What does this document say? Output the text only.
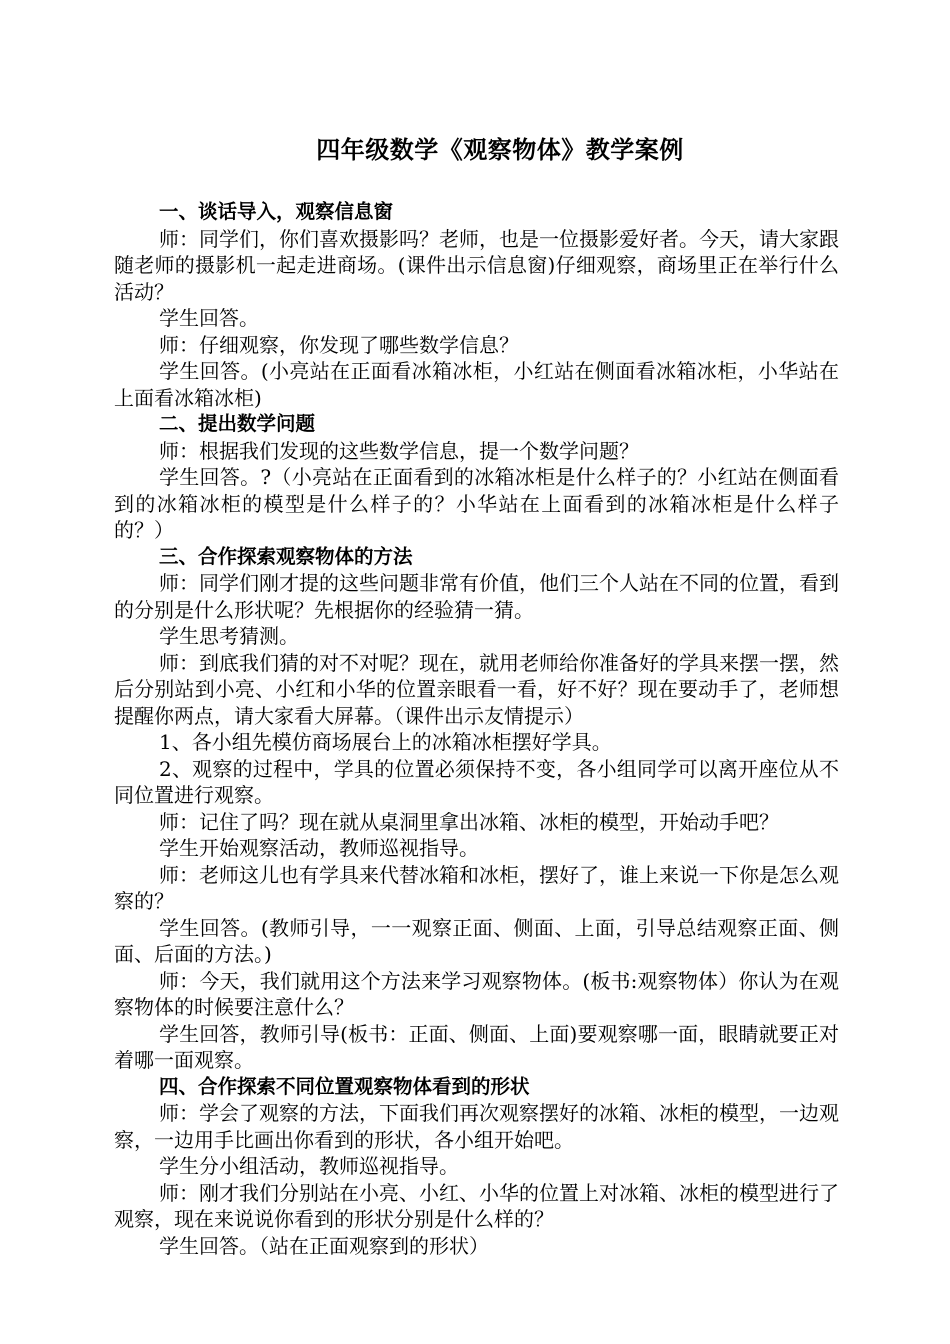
四年级数学《观察物体》教学案例

一、谈话导入，观察信息窗

师：同学们，你们喜欢摄影吗？老师，也是一位摄影爱好者。今天，请大家跟随老师的摄影机一起走进商场。(课件出示信息窗)仔细观察，商场里正在举行什么活动？

学生回答。

师：仔细观察，你发现了哪些数学信息？

学生回答。(小亮站在正面看冰箱冰柜，小红站在侧面看冰箱冰柜，小华站在上面看冰箱冰柜)

二、提出数学问题

师：根据我们发现的这些数学信息，提一个数学问题？

学生回答。?（小亮站在正面看到的冰箱冰柜是什么样子的？小红站在侧面看到的冰箱冰柜的模型是什么样子的？小华站在上面看到的冰箱冰柜是什么样子的？）

三、合作探索观察物体的方法

师：同学们刚才提的这些问题非常有价值，他们三个人站在不同的位置，看到的分别是什么形状呢？先根据你的经验猜一猜。

学生思考猜测。

师：到底我们猜的对不对呢？现在，就用老师给你准备好的学具来摆一摆，然后分别站到小亮、小红和小华的位置亲眼看一看，好不好？现在要动手了，老师想提醒你两点，请大家看大屏幕。（课件出示友情提示）

1、各小组先模仿商场展台上的冰箱冰柜摆好学具。

2、观察的过程中，学具的位置必须保持不变，各小组同学可以离开座位从不同位置进行观察。

师：记住了吗？现在就从桌洞里拿出冰箱、冰柜的模型，开始动手吧？

学生开始观察活动，教师巡视指导。

师：老师这儿也有学具来代替冰箱和冰柜，摆好了，谁上来说一下你是怎么观察的？

学生回答。(教师引导，一一观察正面、侧面、上面，引导总结观察正面、侧面、后面的方法。)

师：今天，我们就用这个方法来学习观察物体。(板书:观察物体）你认为在观察物体的时候要注意什么？

学生回答，教师引导(板书：正面、侧面、上面)要观察哪一面，眼睛就要正对着哪一面观察。

四、合作探索不同位置观察物体看到的形状

师：学会了观察的方法，下面我们再次观察摆好的冰箱、冰柜的模型，一边观察，一边用手比画出你看到的形状，各小组开始吧。

学生分小组活动，教师巡视指导。

师：刚才我们分别站在小亮、小红、小华的位置上对冰箱、冰柜的模型进行了观察，现在来说说你看到的形状分别是什么样的？

学生回答。（站在正面观察到的形状）
